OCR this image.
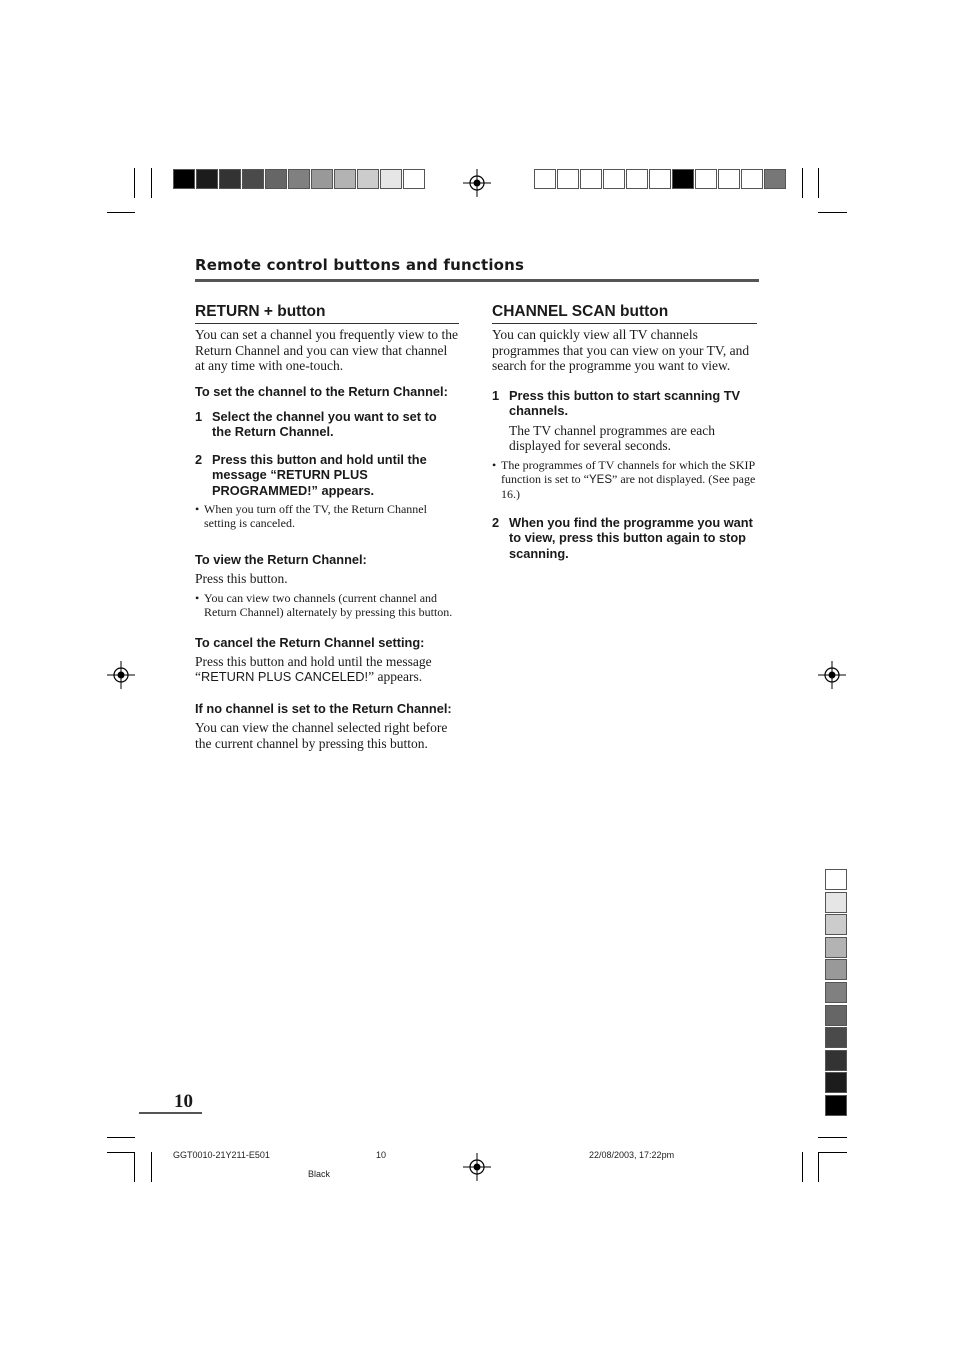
Remote control buttons and functions
RETURN + button

You can set a channel you frequently view to the Return Channel and you can view that channel at any time with one-touch.

To set the channel to the Return Channel:
1 Select the channel you want to set to the Return Channel.
2 Press this button and hold until the message “RETURN PLUS PROGRAMMED!” appears.
• When you turn off the TV, the Return Channel setting is canceled.
To view the Return Channel:

Press this button.

• You can view two channels (current channel and Return Channel) alternately by pressing this button.
To cancel the Return Channel setting:

Press this button and hold until the message “RETURN PLUS CANCELED!” appears.

If no channel is set to the Return Channel:

You can view the channel selected right before the current channel by pressing this button.

CHANNEL SCAN button

You can quickly view all TV channels programmes that you can view on your TV, and search for the programme you want to view.

1 Press this button to start scanning TV channels.

The TV channel programmes are each displayed for several seconds.

• The programmes of TV channels for which the SKIP function is set to “YES” are not displayed. (See page 16.)
2 When you find the programme you want to view, press this button again to stop scanning.
10
GGT0010-21Y211-E501	10	22/08/2003, 17:22pm
Black
